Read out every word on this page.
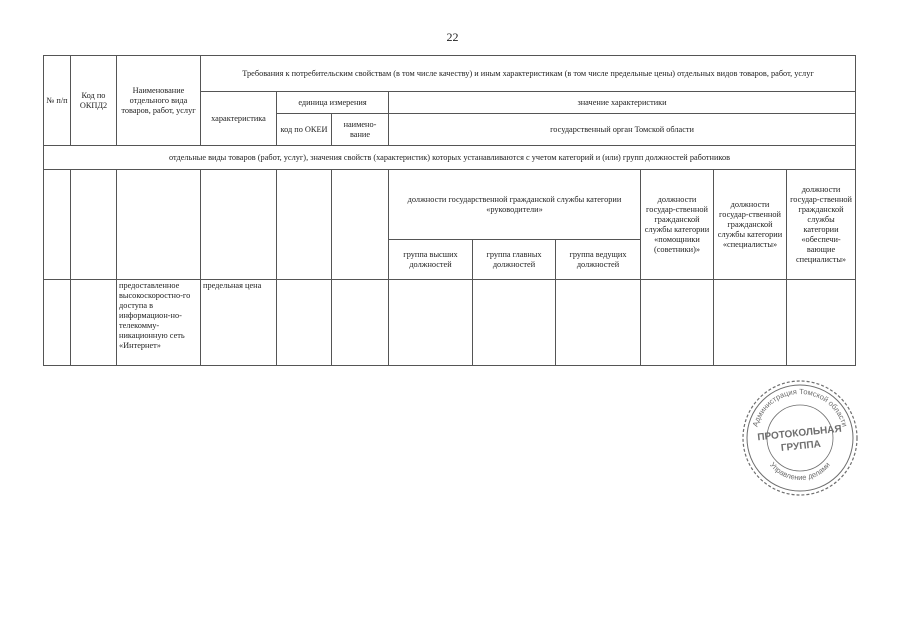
22
№ п/п	Код по ОКПД2	Наименование отдельного вида товаров, работ, услуг	Требования к потребительским свойствам (в том числе качеству) и иным характеристикам (в том числе предельные цены) отдельных видов товаров, работ, услуг								
			характеристика	единица измерения		значение характеристики					
				код по ОКЕИ	наимено-вание	государственный орган Томской области					
отдельные виды товаров (работ, услуг), значения свойств (характеристик) которых устанавливаются с учетом категорий и (или) групп должностей работников											
						должности государственной гражданской службы категории «руководители»			должности государ-ственной гражданской службы категории «помощники (советники)»	должности государ-ственной гражданской службы категории «специалисты»	должности государ-ственной гражданской службы категории «обеспечи-вающие специалисты»
						группа высших должностей	группа главных должностей	группа ведущих должностей			
		предоставленное высокоскоростно-го доступа в информацион-но-телекомму-никационную сеть «Интернет»	предельная цена								
Администрация Томской области
Управление делами
ПРОТОКОЛЬНАЯ
ГРУППА
